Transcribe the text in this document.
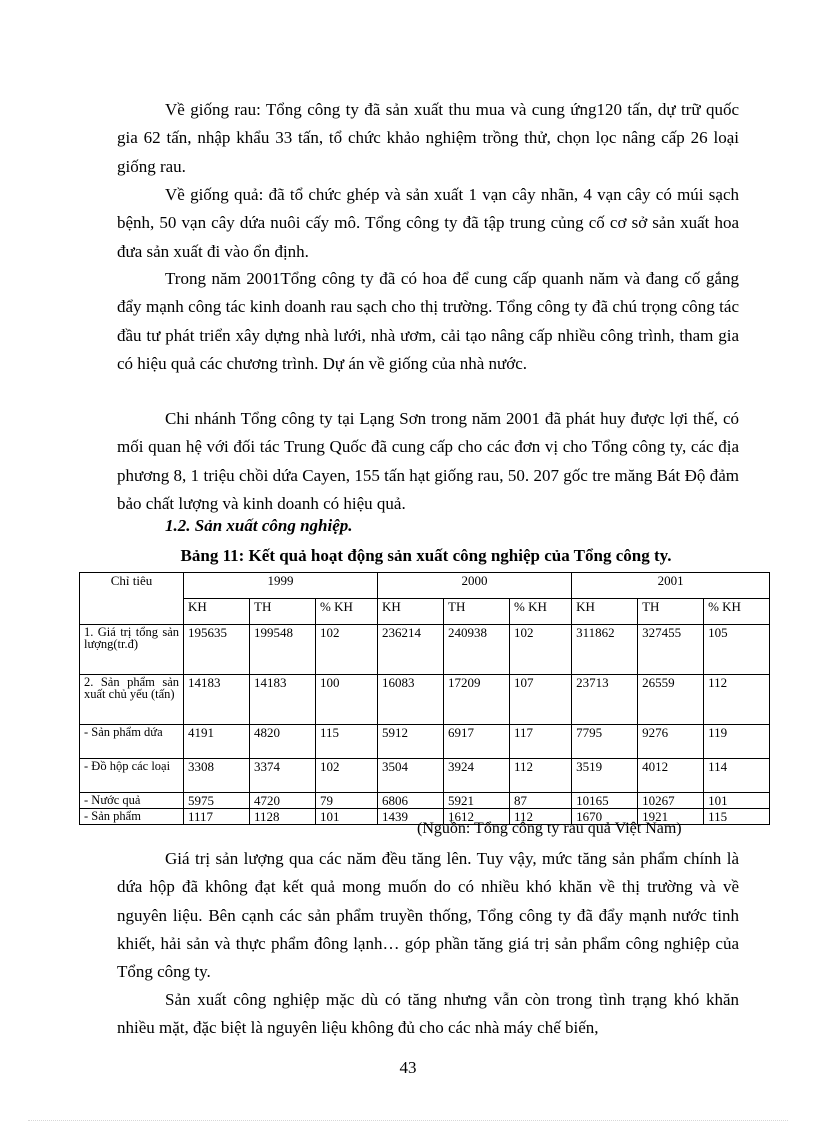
Về giống rau: Tổng công ty đã sản xuất thu mua và cung ứng120 tấn, dự trữ quốc gia 62 tấn, nhập khẩu 33 tấn, tổ chức khảo nghiệm trồng thử, chọn lọc nâng cấp 26 loại giống rau.

Về giống quả: đã tổ chức ghép và sản xuất 1 vạn cây nhãn, 4 vạn cây có múi sạch bệnh, 50 vạn cây dứa nuôi cấy mô. Tổng công ty đã tập trung củng cố cơ sở sản xuất hoa đưa sản xuất đi vào ổn định.

Trong năm 2001Tổng công ty đã có hoa để cung cấp quanh năm và đang cố gắng đẩy mạnh công tác kinh doanh rau sạch cho thị trường. Tổng công ty đã chú trọng công tác đầu tư phát triển xây dựng nhà lưới, nhà ươm, cải tạo nâng cấp nhiều công trình, tham gia có hiệu quả các chương trình. Dự án về giống của nhà nước.

Chi nhánh Tổng công ty tại Lạng Sơn trong năm 2001 đã phát huy được lợi thế, có mối quan hệ với đối tác Trung Quốc đã cung cấp cho các đơn vị cho Tổng công ty, các địa phương 8, 1 triệu chồi dứa Cayen, 155 tấn hạt giống rau, 50. 207 gốc tre măng Bát Độ đảm bảo chất lượng và kinh doanh có hiệu quả.

1.2. Sản xuất công nghiệp.

Bảng 11: Kết quả hoạt động sản xuất công nghiệp của Tổng công ty.

Chỉ tiêu	1999			2000			2001		
	KH	TH	% KH	KH	TH	% KH	KH	TH	% KH
1. Giá trị tổng sản lượng(tr.đ)	195635	199548	102	236214	240938	102	311862	327455	105
2. Sản phẩm sản xuất chủ yếu (tấn)	14183	14183	100	16083	17209	107	23713	26559	112
- Sản phẩm dứa	4191	4820	115	5912	6917	117	7795	9276	119
- Đồ hộp các loại	3308	3374	102	3504	3924	112	3519	4012	114
- Nước quả	5975	4720	79	6806	5921	87	10165	10267	101
- Sản phẩm	1117	1128	101	1439	1612	112	1670	1921	115

(Nguồn: Tổng công ty rau quả Việt Nam)

Giá trị sản lượng qua các năm đều tăng lên. Tuy vậy, mức tăng sản phẩm chính là dứa hộp đã không đạt kết quả mong muốn do có nhiều khó khăn về thị trường và về nguyên liệu. Bên cạnh các sản phẩm truyền thống, Tổng công ty đã đẩy mạnh nước tinh khiết, hải sản và thực phẩm đông lạnh… góp phần tăng giá trị sản phẩm công nghiệp của Tổng công ty.

Sản xuất công nghiệp mặc dù có tăng nhưng vẫn còn trong tình trạng khó khăn nhiều mặt, đặc biệt là nguyên liệu không đủ cho các nhà máy chế biến,

43
